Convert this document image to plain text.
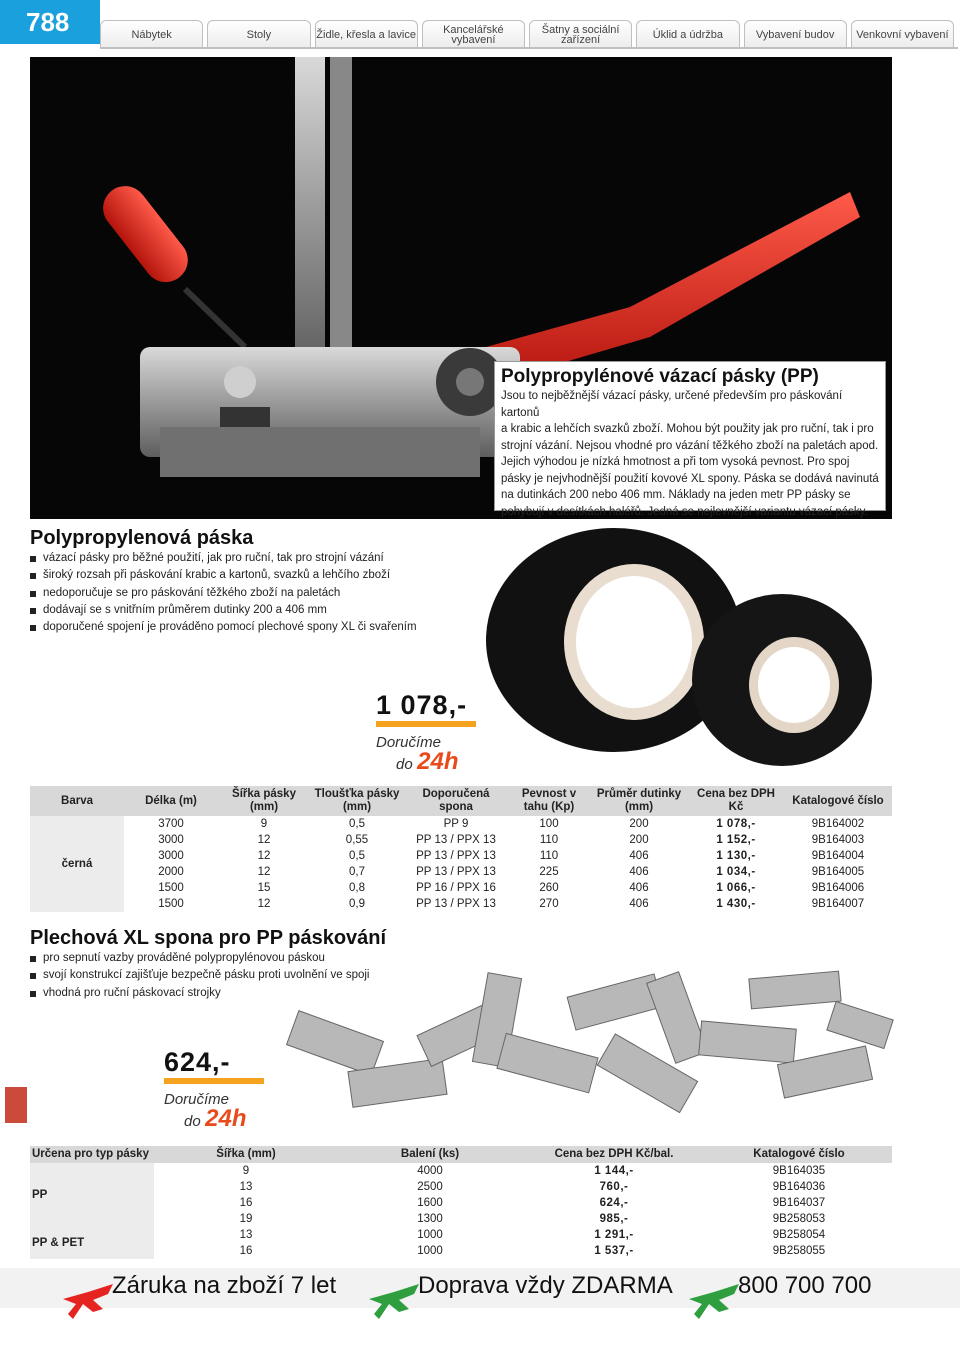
788	Nábytek	Stoly	Židle, křesla a lavice	Kancelářské vybavení
Šatny a sociální zařízení	Úklid a údržba	Vybavení budov	Venkovní vybavení
Polypropylénové vázací pásky (PP)
Jsou to nejběžnější vázací pásky, určené především pro páskování kartonů
a krabic a lehčích svazků zboží. Mohou být použity jak pro ruční, tak i pro
strojní vázání. Nejsou vhodné pro vázání těžkého zboží na paletách apod.
Jejich výhodou je nízká hmotnost a při tom vysoká pevnost. Pro spoj
pásky je nejvhodnější použití kovové XL spony. Páska se dodává navinutá
na dutinkách 200 nebo 406 mm. Náklady na jeden metr PP pásky se
pohybují v desítkách haléřů. Jedná se nejlevnější variantu vázací pásky.
Polypropylenová páska
vázací pásky pro běžné použití, jak pro ruční, tak pro strojní vázání
široký rozsah při páskování krabic a kartonů, svazků a lehčího zboží
nedoporučuje se pro páskování těžkého zboží na paletách
dodávají se s vnitřním průměrem dutinky 200 a 406 mm
doporučené spojení je prováděno pomocí plechové spony XL či svařením
1 078,-
Doručíme
do 24h
Barva	Délka (m)	Šířka pásky (mm)	Tloušťka pásky (mm)	Doporučená spona	Pevnost v tahu (Kp)	Průměr dutinky (mm)	Cena bez DPH Kč	Katalogové číslo
černá	3700	9	0,5	PP 9	100	200	1 078,-	9B164002
	3000	12	0,55	PP 13 / PPX 13	110	200	1 152,-	9B164003
	3000	12	0,5	PP 13 / PPX 13	110	406	1 130,-	9B164004
	2000	12	0,7	PP 13 / PPX 13	225	406	1 034,-	9B164005
	1500	15	0,8	PP 16 / PPX 16	260	406	1 066,-	9B164006
	1500	12	0,9	PP 13 / PPX 13	270	406	1 430,-	9B164007
Plechová XL spona pro PP páskování
pro sepnutí vazby prováděné polypropylénovou páskou
svojí konstrukcí zajišťuje bezpečně pásku proti uvolnění ve spoji
vhodná pro ruční páskovací strojky
624,-
Doručíme
do 24h
Určena pro typ pásky	Šířka (mm)	Balení (ks)	Cena bez DPH Kč/bal.	Katalogové číslo
PP	9	4000	1 144,-	9B164035
	13	2500	760,-	9B164036
	16	1600	624,-	9B164037
	19	1300	985,-	9B258053
PP & PET	13	1000	1 291,-	9B258054
	16	1000	1 537,-	9B258055
Záruka na zboží 7 let	Doprava vždy ZDARMA	800 700 700
